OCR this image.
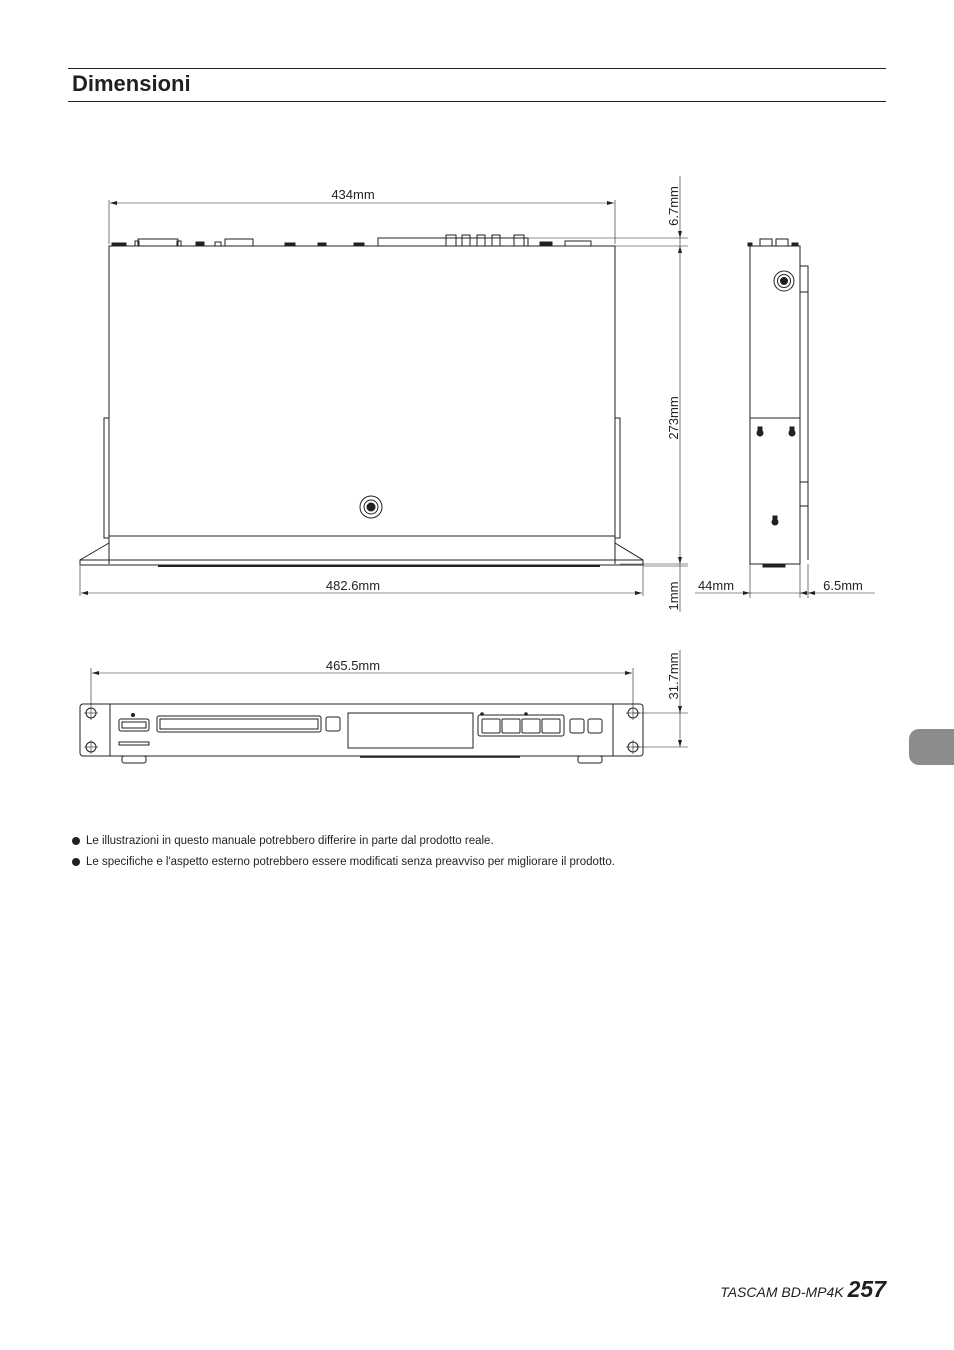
Dimensioni
434mm
482.6mm
6.7mm
273mm
1mm 44mm	6.5mm
465.5mm	31.7mm
Le illustrazioni in questo manuale potrebbero differire in parte dal prodotto reale.
Le specifiche e l'aspetto esterno potrebbero essere modificati senza preavviso per migliorare il prodotto.
TASCAM BD-MP4K 257
